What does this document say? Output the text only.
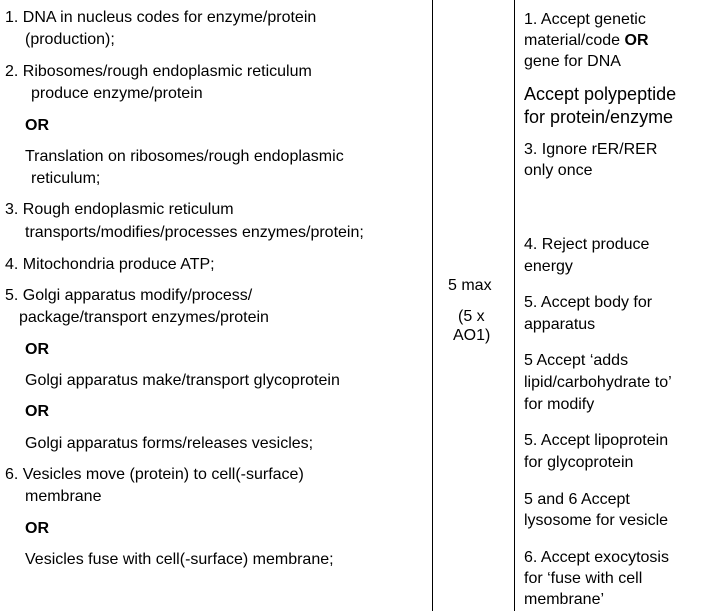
1. DNA in nucleus codes for enzyme/protein
(production);
2. Ribosomes/rough endoplasmic reticulum
produce enzyme/protein
OR
Translation on ribosomes/rough endoplasmic
reticulum;
3. Rough endoplasmic reticulum
transports/modifies/processes enzymes/protein;
4. Mitochondria produce ATP;
5. Golgi apparatus modify/process/
package/transport enzymes/protein
OR
Golgi apparatus make/transport glycoprotein
OR
Golgi apparatus forms/releases vesicles;
6. Vesicles move (protein) to cell(-surface)
membrane
OR
Vesicles fuse with cell(-surface) membrane;
5 max
(5 x
AO1)
1. Accept genetic
material/code OR
gene for DNA
Accept polypeptide
for protein/enzyme
3. Ignore rER/RER
only once
4. Reject produce
energy
5. Accept body for
apparatus
5 Accept ‘adds
lipid/carbohydrate to’
for modify
5. Accept lipoprotein
for glycoprotein
5 and 6 Accept
lysosome for vesicle
6. Accept exocytosis
for ‘fuse with cell
membrane’
